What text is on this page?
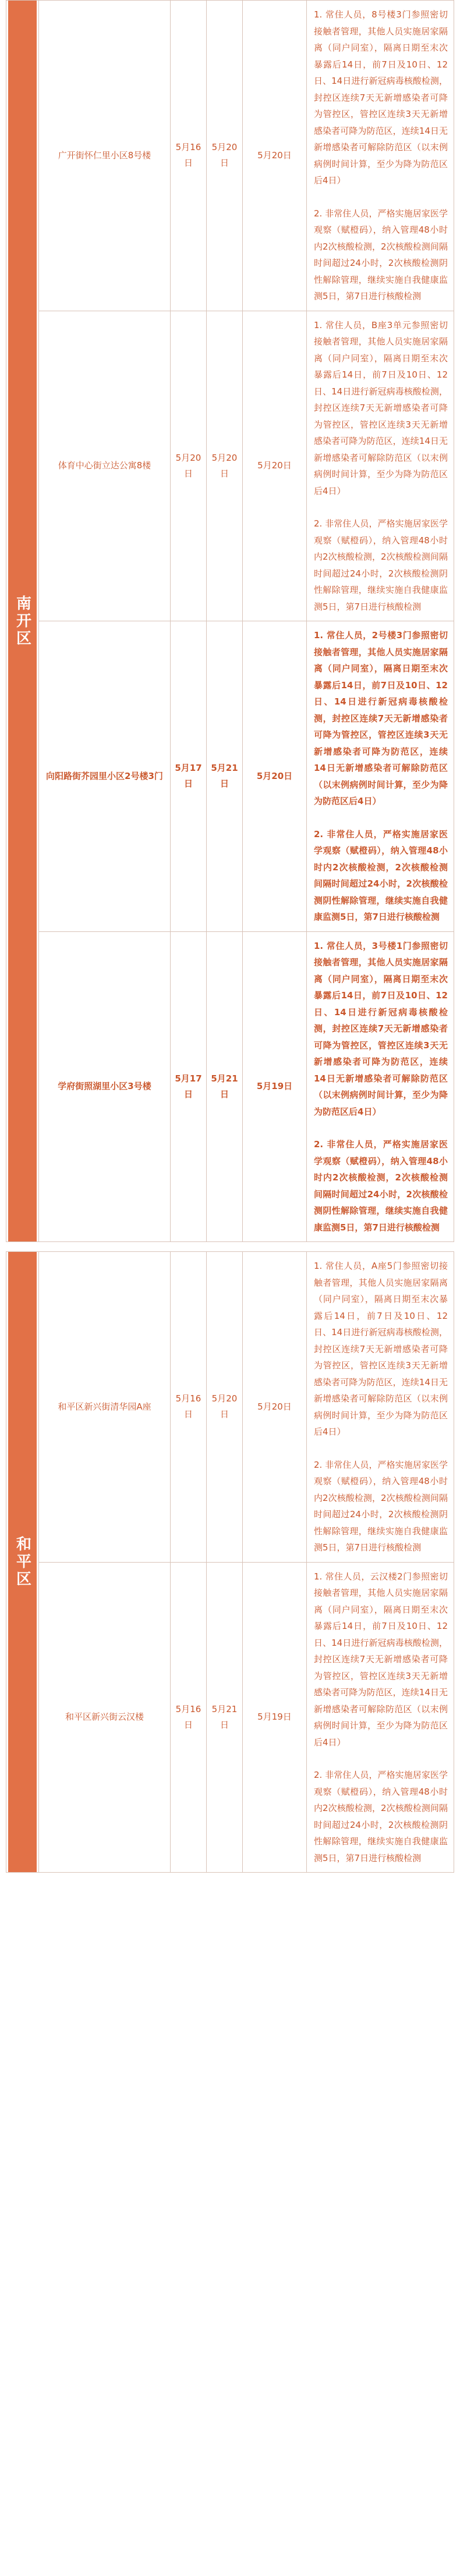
南开区
广开街怀仁里小区8号楼
5月16日
5月20日
5月20日

1. 常住人员，8号楼3门参照密切接触者管理，其他人员实施居家隔离（同户同室），隔离日期至末次暴露后14日，前7日及10日、12日、14日进行新冠病毒核酸检测，封控区连续7天无新增感染者可降为管控区，管控区连续3天无新增感染者可降为防范区，连续14日无新增感染者可解除防范区（以末例病例时间计算，至少为降为防范区后4日）

2. 非常住人员，严格实施居家医学观察（赋橙码），纳入管理48小时内2次核酸检测，2次核酸检测间隔时间超过24小时，2次核酸检测阴性解除管理，继续实施自我健康监测5日，第7日进行核酸检测

体育中心街立达公寓8楼
5月20日
5月20日
5月20日

1. 常住人员，B座3单元参照密切接触者管理，其他人员实施居家隔离（同户同室），隔离日期至末次暴露后14日，前7日及10日、12日、14日进行新冠病毒核酸检测，封控区连续7天无新增感染者可降为管控区，管控区连续3天无新增感染者可降为防范区，连续14日无新增感染者可解除防范区（以末例病例时间计算，至少为降为防范区后4日）

2. 非常住人员，严格实施居家医学观察（赋橙码），纳入管理48小时内2次核酸检测，2次核酸检测间隔时间超过24小时，2次核酸检测阴性解除管理，继续实施自我健康监测5日，第7日进行核酸检测

向阳路街芥园里小区2号楼3门
5月17日
5月21日
5月20日

1. 常住人员，2号楼3门参照密切接触者管理，其他人员实施居家隔离（同户同室），隔离日期至末次暴露后14日，前7日及10日、12日、14日进行新冠病毒核酸检测，封控区连续7天无新增感染者可降为管控区，管控区连续3天无新增感染者可降为防范区，连续14日无新增感染者可解除防范区（以末例病例时间计算，至少为降为防范区后4日）

2. 非常住人员，严格实施居家医学观察（赋橙码），纳入管理48小时内2次核酸检测，2次核酸检测间隔时间超过24小时，2次核酸检测阴性解除管理，继续实施自我健康监测5日，第7日进行核酸检测

学府街照湖里小区3号楼
5月17日
5月21日
5月19日

1. 常住人员，3号楼1门参照密切接触者管理，其他人员实施居家隔离（同户同室），隔离日期至末次暴露后14日，前7日及10日、12日、14日进行新冠病毒核酸检测，封控区连续7天无新增感染者可降为管控区，管控区连续3天无新增感染者可降为防范区，连续14日无新增感染者可解除防范区（以末例病例时间计算，至少为降为防范区后4日）

2. 非常住人员，严格实施居家医学观察（赋橙码），纳入管理48小时内2次核酸检测，2次核酸检测间隔时间超过24小时，2次核酸检测阴性解除管理，继续实施自我健康监测5日，第7日进行核酸检测

和平区
和平区新兴街清华园A座
5月16日
5月20日
5月20日

1. 常住人员，A座5门参照密切接触者管理，其他人员实施居家隔离（同户同室），隔离日期至末次暴露后14日，前7日及10日、12日、14日进行新冠病毒核酸检测，封控区连续7天无新增感染者可降为管控区，管控区连续3天无新增感染者可降为防范区，连续14日无新增感染者可解除防范区（以末例病例时间计算，至少为降为防范区后4日）

2. 非常住人员，严格实施居家医学观察（赋橙码），纳入管理48小时内2次核酸检测，2次核酸检测间隔时间超过24小时，2次核酸检测阴性解除管理，继续实施自我健康监测5日，第7日进行核酸检测

和平区新兴街云汉楼
5月16日
5月21日
5月19日

1. 常住人员，云汉楼2门参照密切接触者管理，其他人员实施居家隔离（同户同室），隔离日期至末次暴露后14日，前7日及10日、12日、14日进行新冠病毒核酸检测，封控区连续7天无新增感染者可降为管控区，管控区连续3天无新增感染者可降为防范区，连续14日无新增感染者可解除防范区（以末例病例时间计算，至少为降为防范区后4日）

2. 非常住人员，严格实施居家医学观察（赋橙码），纳入管理48小时内2次核酸检测，2次核酸检测间隔时间超过24小时，2次核酸检测阴性解除管理，继续实施自我健康监测5日，第7日进行核酸检测
